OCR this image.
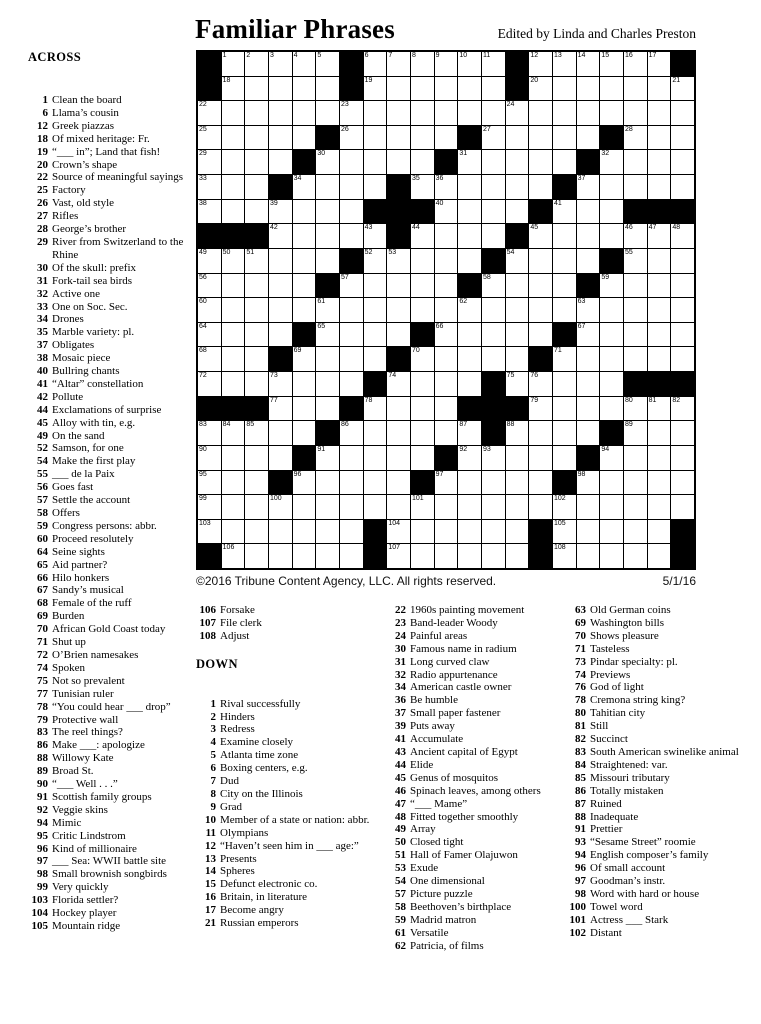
Familiar Phrases	Edited by Linda and Charles Preston
ACROSS
1 Clean the board
6 Llama’s cousin
12 Greek piazzas
18 Of mixed heritage: Fr.
19 “___ in”; Land that fish!
20 Crown’s shape
22 Source of meaningful sayings
25 Factory
26 Vast, old style
27 Rifles
28 George’s brother
29 River from Switzerland to the Rhine
30 Of the skull: prefix
31 Fork-tail sea birds
32 Active one
33 One on Soc. Sec.
34 Drones
35 Marble variety: pl.
37 Obligates
38 Mosaic piece
40 Bullring chants
41 “Altar” constellation
42 Pollute
44 Exclamations of surprise
45 Alloy with tin, e.g.
49 On the sand
52 Samson, for one
54 Make the first play
55 ___ de la Paix
56 Goes fast
57 Settle the account
58 Offers
59 Congress persons: abbr.
60 Proceed resolutely
64 Seine sights
65 Aid partner?
66 Hilo honkers
67 Sandy’s musical
68 Female of the ruff
69 Burden
70 African Gold Coast today
71 Shut up
72 O’Brien namesakes
74 Spoken
75 Not so prevalent
77 Tunisian ruler
78 “You could hear ___ drop”
79 Protective wall
83 The reel things?
86 Make ___: apologize
88 Willowy Kate
89 Broad St.
90 “___ Well . . .”
91 Scottish family groups
92 Veggie skins
94 Mimic
95 Critic Lindstrom
96 Kind of millionaire
97 ___ Sea: WWII battle site
98 Small brownish songbirds
99 Very quickly
103 Florida settler?
104 Hockey player
105 Mountain ridge
1	2	3	4	5	6	7	8	9	10 11	12 13 14 15 16 17
18	19	20	21
22	23	24
25	26	27	28
29	30	31	32
33	34	35 36	37
38	39	40	41
42	43	44	45	46 47 48
49 50 51	52 53	54	55
56	57	58	59
60	61	62	63
64	65	66	67
68	69	70	71
72	73	74	75 76
77	78	79	80 81 82
83 84 85	86	87	88	89
90	91	92 93	94
95	96	97	98
99	100	101	102
103	104	105
106	107	108
©2016 Tribune Content Agency, LLC. All rights reserved.	5/1/16
106 Forsake
107 File clerk
108 Adjust
DOWN
1 Rival successfully
2 Hinders
3 Redress
4 Examine closely
5 Atlanta time zone
6 Boxing centers, e.g.
7 Dud
8 City on the Illinois
9 Grad
10 Member of a state or nation: abbr.
11 Olympians
12 “Haven’t seen him in ___ age:”
13 Presents
14 Spheres
15 Defunct electronic co.
16 Britain, in literature
17 Become angry
21 Russian emperors
22 1960s painting movement
23 Band-leader Woody
24 Painful areas
30 Famous name in radium
31 Long curved claw
32 Radio appurtenance
34 American castle owner
36 Be humble
37 Small paper fastener
39 Puts away
41 Accumulate
43 Ancient capital of Egypt
44 Elide
45 Genus of mosquitos
46 Spinach leaves, among others
47 “___ Mame”
48 Fitted together smoothly
49 Array
50 Closed tight
51 Hall of Famer Olajuwon
53 Exude
54 One dimensional
57 Picture puzzle
58 Beethoven’s birthplace
59 Madrid matron
61 Versatile
62 Patricia, of films
63 Old German coins
69 Washington bills
70 Shows pleasure
71 Tasteless
73 Pindar specialty: pl.
74 Previews
76 God of light
78 Cremona string king?
80 Tahitian city
81 Still
82 Succinct
83 South American swinelike animal
84 Straightened: var.
85 Missouri tributary
86 Totally mistaken
87 Ruined
88 Inadequate
91 Prettier
93 “Sesame Street” roomie
94 English composer’s family
96 Of small account
97 Goodman’s instr.
98 Word with hard or house
100 Towel word
101 Actress ___ Stark
102 Distant
